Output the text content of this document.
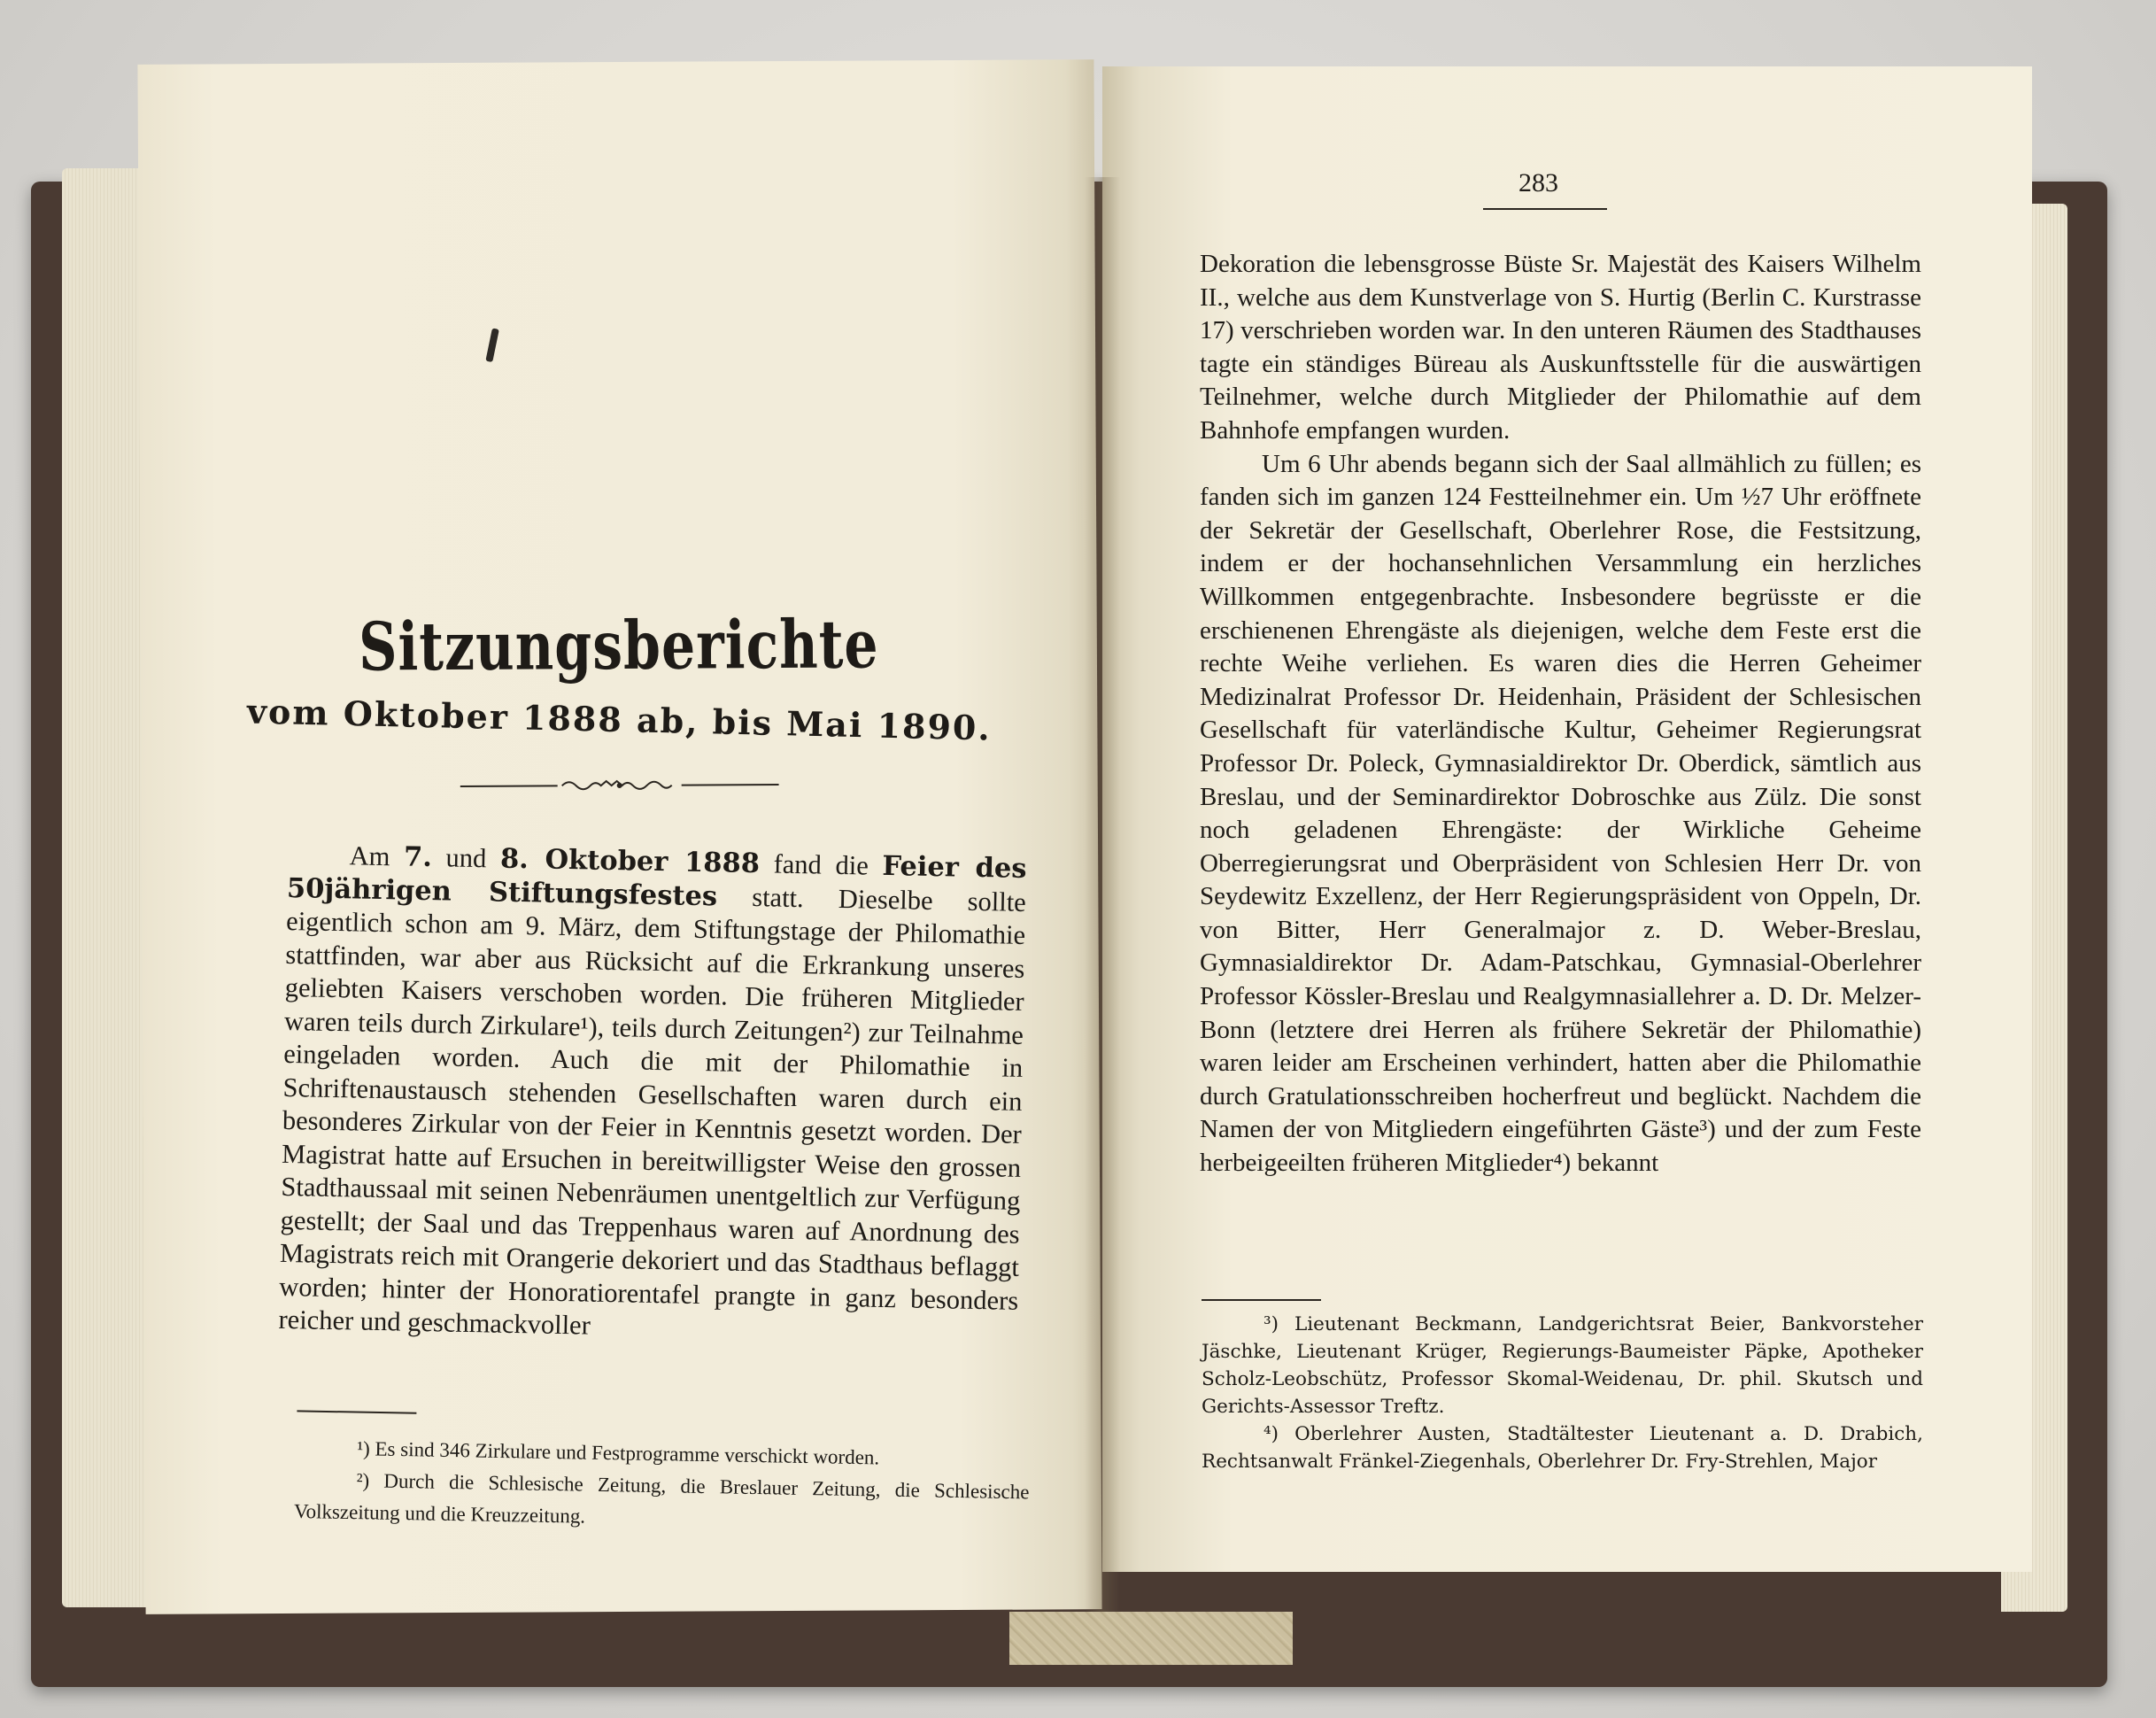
Sitzungsberichte
vom Oktober 1888 ab, bis Mai 1890.

Am 7. und 8. Oktober 1888 fand die Feier des 50jährigen Stiftungsfestes statt. Dieselbe sollte eigentlich schon am 9. März, dem Stiftungstage der Philomathie stattfinden, war aber aus Rücksicht auf die Erkrankung unseres geliebten Kaisers verschoben worden. Die früheren Mitglieder waren teils durch Zirkulare¹), teils durch Zeitungen²) zur Teilnahme eingeladen worden. Auch die mit der Philomathie in Schriftenaustausch stehenden Gesellschaften waren durch ein besonderes Zirkular von der Feier in Kenntnis gesetzt worden. Der Magistrat hatte auf Ersuchen in bereitwilligster Weise den grossen Stadthaussaal mit seinen Nebenräumen unentgeltlich zur Verfügung gestellt; der Saal und das Treppenhaus waren auf Anordnung des Magistrats reich mit Orangerie dekoriert und das Stadthaus beflaggt worden; hinter der Honoratiorentafel prangte in ganz besonders reicher und geschmackvoller

¹) Es sind 346 Zirkulare und Festprogramme verschickt worden.

²) Durch die Schlesische Zeitung, die Breslauer Zeitung, die Schlesische Volkszeitung und die Kreuzzeitung.

283

Dekoration die lebensgrosse Büste Sr. Majestät des Kaisers Wilhelm II., welche aus dem Kunstverlage von S. Hurtig (Berlin C. Kurstrasse 17) verschrieben worden war. In den unteren Räumen des Stadthauses tagte ein ständiges Büreau als Auskunftsstelle für die auswärtigen Teilnehmer, welche durch Mitglieder der Philomathie auf dem Bahnhofe empfangen wurden.

Um 6 Uhr abends begann sich der Saal allmählich zu füllen; es fanden sich im ganzen 124 Festteilnehmer ein. Um ½7 Uhr eröffnete der Sekretär der Gesellschaft, Oberlehrer Rose, die Festsitzung, indem er der hochansehnlichen Versammlung ein herzliches Willkommen entgegenbrachte. Insbesondere begrüsste er die erschienenen Ehrengäste als diejenigen, welche dem Feste erst die rechte Weihe verliehen. Es waren dies die Herren Geheimer Medizinalrat Professor Dr. Heidenhain, Präsident der Schlesischen Gesellschaft für vaterländische Kultur, Geheimer Regierungsrat Professor Dr. Poleck, Gymnasialdirektor Dr. Oberdick, sämtlich aus Breslau, und der Seminardirektor Dobroschke aus Zülz. Die sonst noch geladenen Ehrengäste: der Wirkliche Geheime Oberregierungsrat und Oberpräsident von Schlesien Herr Dr. von Seydewitz Exzellenz, der Herr Regierungspräsident von Oppeln, Dr. von Bitter, Herr Generalmajor z. D. Weber-Breslau, Gymnasialdirektor Dr. Adam-Patschkau, Gymnasial-Oberlehrer Professor Kössler-Breslau und Realgymnasiallehrer a. D. Dr. Melzer-Bonn (letztere drei Herren als frühere Sekretär der Philomathie) waren leider am Erscheinen verhindert, hatten aber die Philomathie durch Gratulationsschreiben hocherfreut und beglückt. Nachdem die Namen der von Mitgliedern eingeführten Gäste³) und der zum Feste herbeigeeilten früheren Mitglieder⁴) bekannt

³) Lieutenant Beckmann, Landgerichtsrat Beier, Bankvorsteher Jäschke, Lieutenant Krüger, Regierungs-Baumeister Päpke, Apotheker Scholz-Leobschütz, Professor Skomal-Weidenau, Dr. phil. Skutsch und Gerichts-Assessor Treftz.

⁴) Oberlehrer Austen, Stadtältester Lieutenant a. D. Drabich, Rechtsanwalt Fränkel-Ziegenhals, Oberlehrer Dr. Fry-Strehlen, Major
